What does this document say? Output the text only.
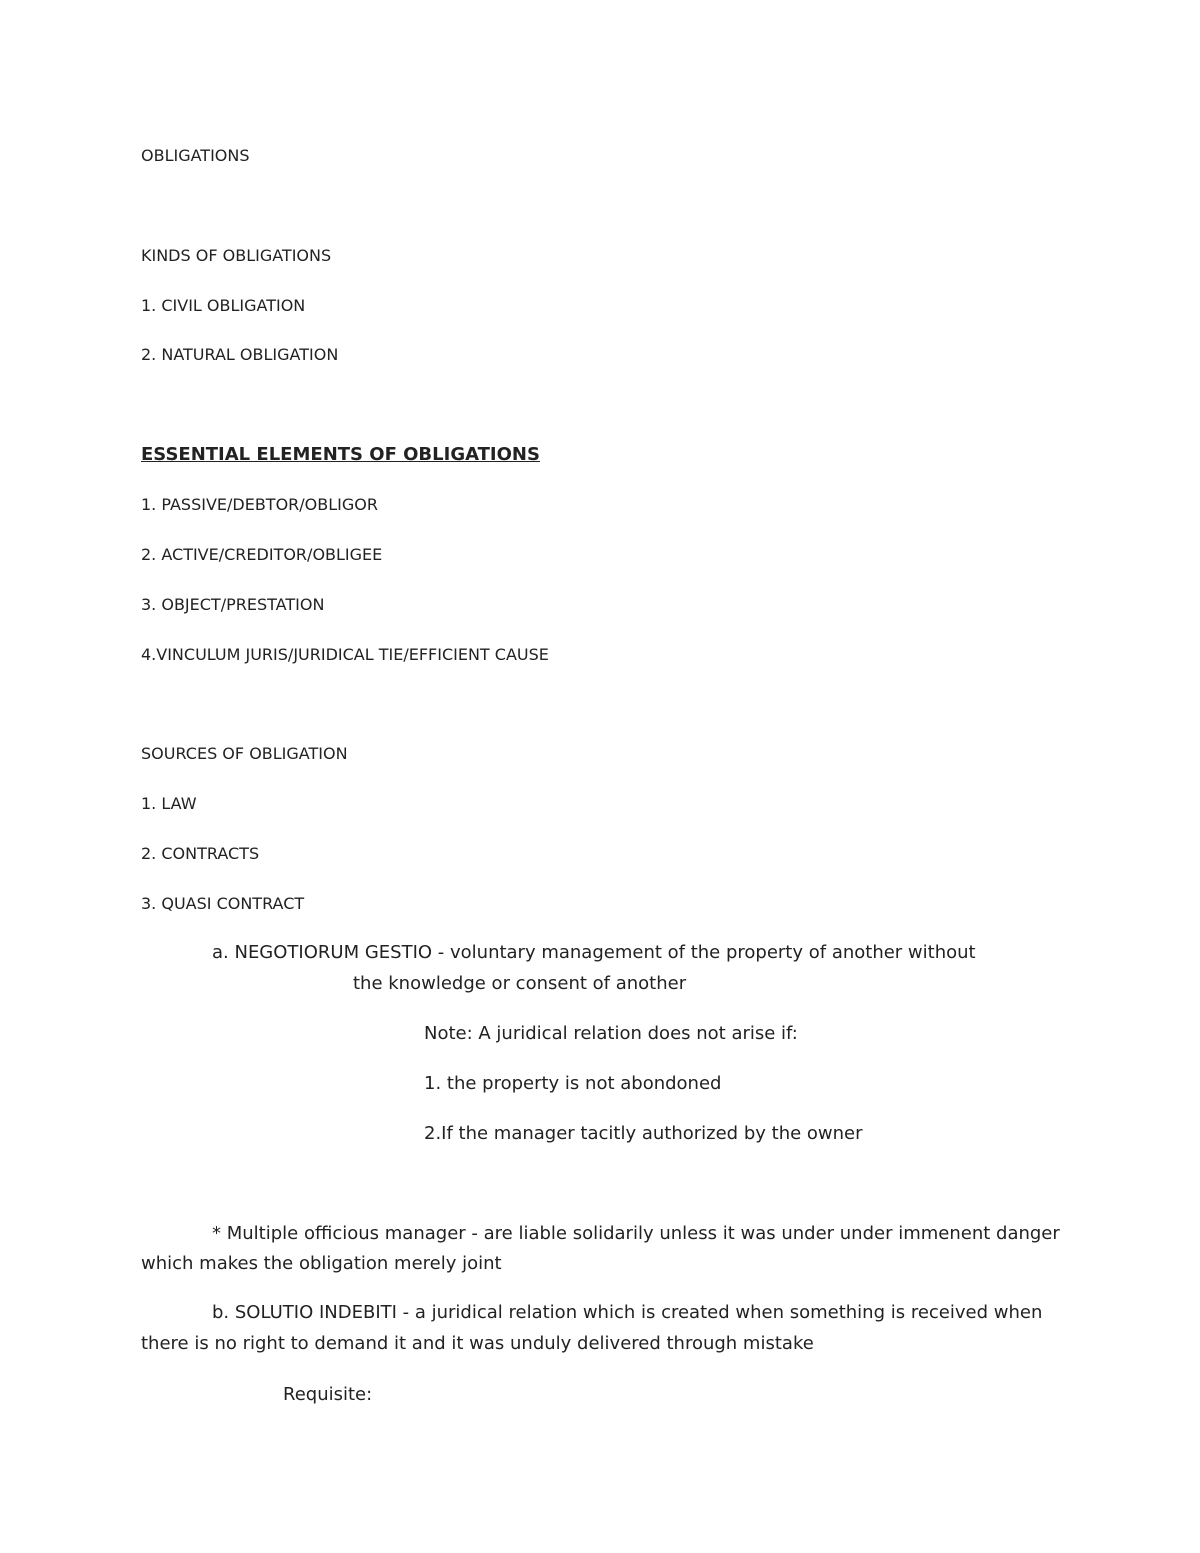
OBLIGATIONS
KINDS OF OBLIGATIONS
1. CIVIL OBLIGATION
2. NATURAL OBLIGATION
ESSENTIAL ELEMENTS OF OBLIGATIONS
1. PASSIVE/DEBTOR/OBLIGOR
2. ACTIVE/CREDITOR/OBLIGEE
3. OBJECT/PRESTATION
4.VINCULUM JURIS/JURIDICAL TIE/EFFICIENT CAUSE
SOURCES OF OBLIGATION
1. LAW
2. CONTRACTS
3. QUASI CONTRACT
a. NEGOTIORUM GESTIO - voluntary management of the property of another without
the knowledge or consent of another
Note: A juridical relation does not arise if:
1. the property is not abondoned
2.If the manager tacitly authorized by the owner
* Multiple officious manager - are liable solidarily unless it was under under immenent danger
which makes the obligation merely joint
b. SOLUTIO INDEBITI - a juridical relation which is created when something is received when
there is no right to demand it and it was unduly delivered through mistake
Requisite:
